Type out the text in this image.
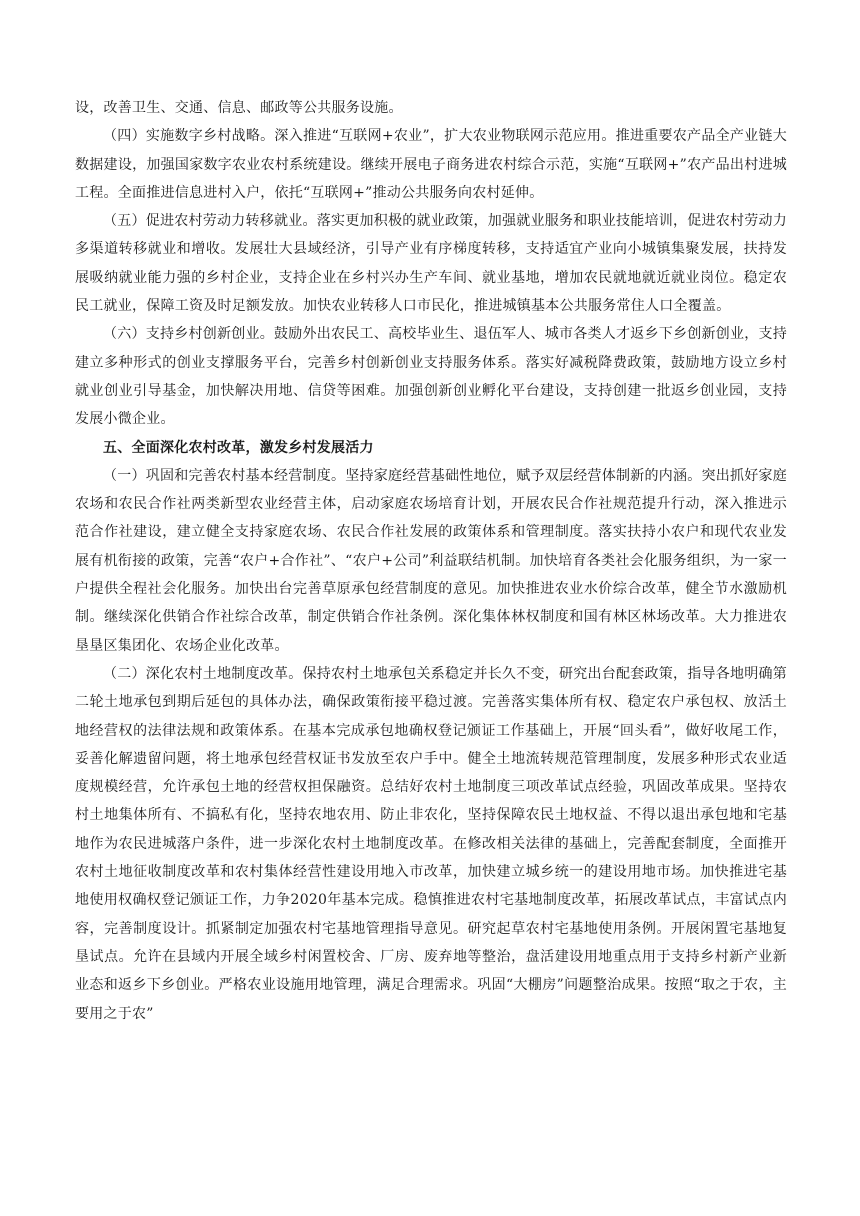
设，改善卫生、交通、信息、邮政等公共服务设施。

（四）实施数字乡村战略。深入推进“互联网+农业”，扩大农业物联网示范应用。推进重要农产品全产业链大数据建设，加强国家数字农业农村系统建设。继续开展电子商务进农村综合示范，实施“互联网+”农产品出村进城工程。全面推进信息进村入户，依托“互联网+”推动公共服务向农村延伸。

（五）促进农村劳动力转移就业。落实更加积极的就业政策，加强就业服务和职业技能培训，促进农村劳动力多渠道转移就业和增收。发展壮大县域经济，引导产业有序梯度转移，支持适宜产业向小城镇集聚发展，扶持发展吸纳就业能力强的乡村企业，支持企业在乡村兴办生产车间、就业基地，增加农民就地就近就业岗位。稳定农民工就业，保障工资及时足额发放。加快农业转移人口市民化，推进城镇基本公共服务常住人口全覆盖。

（六）支持乡村创新创业。鼓励外出农民工、高校毕业生、退伍军人、城市各类人才返乡下乡创新创业，支持建立多种形式的创业支撑服务平台，完善乡村创新创业支持服务体系。落实好减税降费政策，鼓励地方设立乡村就业创业引导基金，加快解决用地、信贷等困难。加强创新创业孵化平台建设，支持创建一批返乡创业园，支持发展小微企业。

五、全面深化农村改革，激发乡村发展活力

（一）巩固和完善农村基本经营制度。坚持家庭经营基础性地位，赋予双层经营体制新的内涵。突出抓好家庭农场和农民合作社两类新型农业经营主体，启动家庭农场培育计划，开展农民合作社规范提升行动，深入推进示范合作社建设，建立健全支持家庭农场、农民合作社发展的政策体系和管理制度。落实扶持小农户和现代农业发展有机衔接的政策，完善“农户+合作社”、“农户+公司”利益联结机制。加快培育各类社会化服务组织，为一家一户提供全程社会化服务。加快出台完善草原承包经营制度的意见。加快推进农业水价综合改革，健全节水激励机制。继续深化供销合作社综合改革，制定供销合作社条例。深化集体林权制度和国有林区林场改革。大力推进农垦垦区集团化、农场企业化改革。

（二）深化农村土地制度改革。保持农村土地承包关系稳定并长久不变，研究出台配套政策，指导各地明确第二轮土地承包到期后延包的具体办法，确保政策衔接平稳过渡。完善落实集体所有权、稳定农户承包权、放活土地经营权的法律法规和政策体系。在基本完成承包地确权登记颁证工作基础上，开展“回头看”，做好收尾工作，妥善化解遗留问题，将土地承包经营权证书发放至农户手中。健全土地流转规范管理制度，发展多种形式农业适度规模经营，允许承包土地的经营权担保融资。总结好农村土地制度三项改革试点经验，巩固改革成果。坚持农村土地集体所有、不搞私有化，坚持农地农用、防止非农化，坚持保障农民土地权益、不得以退出承包地和宅基地作为农民进城落户条件，进一步深化农村土地制度改革。在修改相关法律的基础上，完善配套制度，全面推开农村土地征收制度改革和农村集体经营性建设用地入市改革，加快建立城乡统一的建设用地市场。加快推进宅基地使用权确权登记颁证工作，力争2020年基本完成。稳慎推进农村宅基地制度改革，拓展改革试点，丰富试点内容，完善制度设计。抓紧制定加强农村宅基地管理指导意见。研究起草农村宅基地使用条例。开展闲置宅基地复垦试点。允许在县域内开展全域乡村闲置校舍、厂房、废弃地等整治，盘活建设用地重点用于支持乡村新产业新业态和返乡下乡创业。严格农业设施用地管理，满足合理需求。巩固“大棚房”问题整治成果。按照“取之于农，主要用之于农”
